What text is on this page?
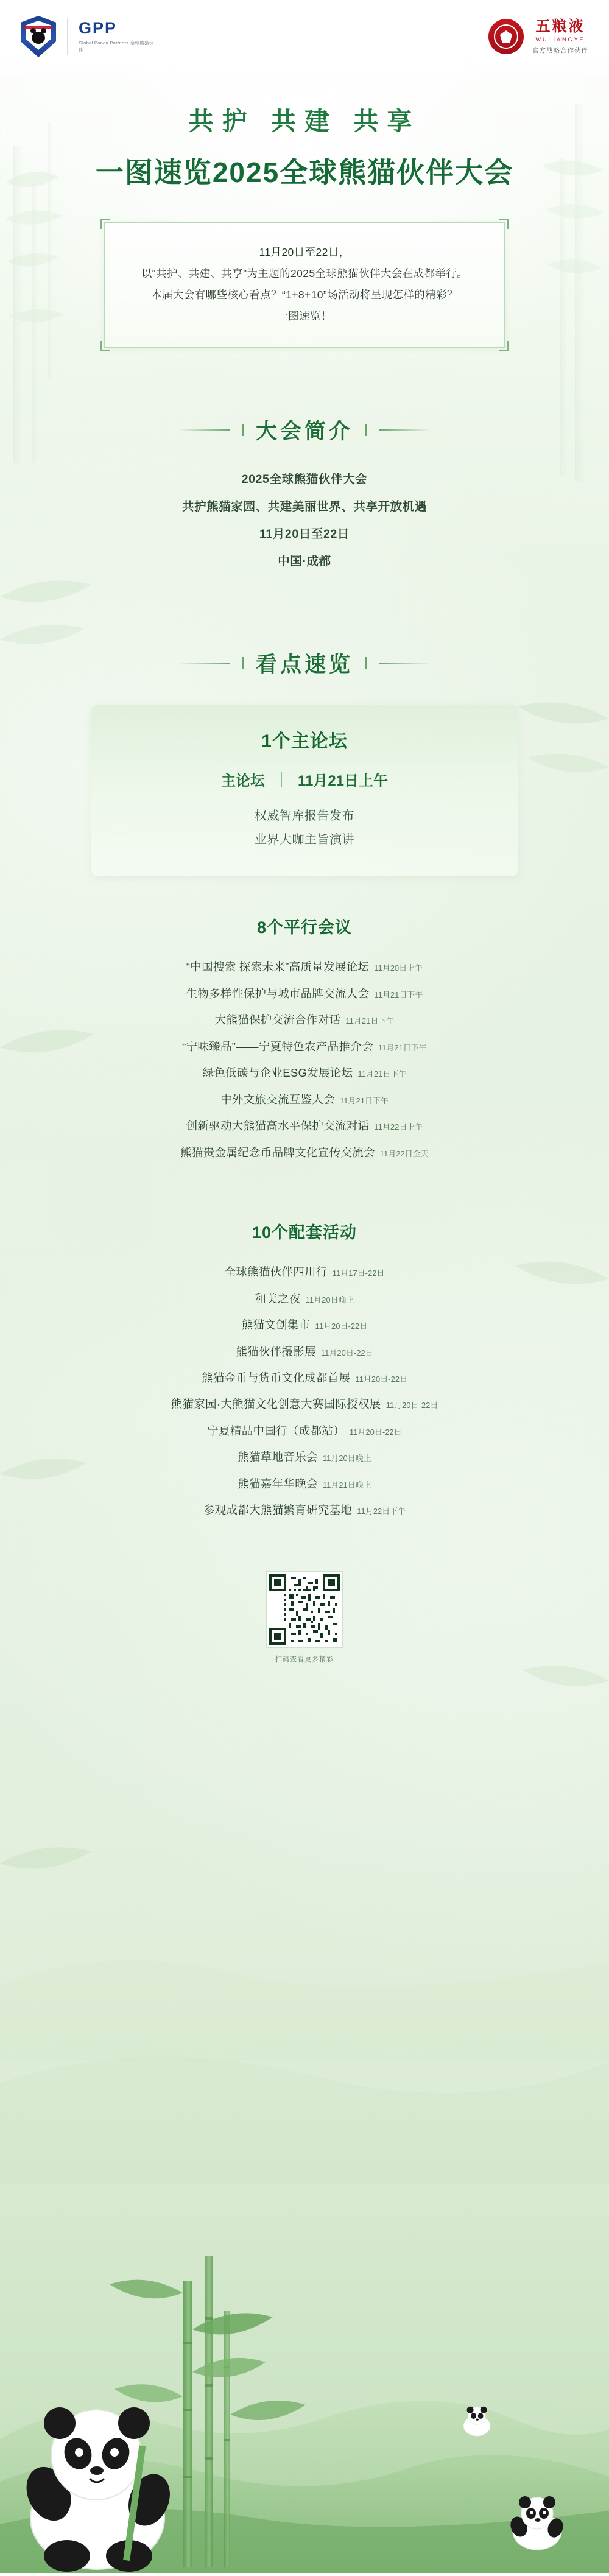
GPP
Global Panda Partners 全球熊猫伙伴
五粮液
WULIANGYE
官方战略合作伙伴
共护 共建 共享
一图速览2025全球熊猫伙伴大会

11月20日至22日，

以“共护、共建、共享”为主题的2025全球熊猫伙伴大会在成都举行。

本届大会有哪些核心看点？“1+8+10”场活动将呈现怎样的精彩？

一图速览！

大会简介
2025全球熊猫伙伴大会
共护熊猫家园、共建美丽世界、共享开放机遇
11月20日至22日
中国·成都
看点速览
1个主论坛
主论坛 11月21日上午
权威智库报告发布
业界大咖主旨演讲
8个平行会议
“中国搜索 探索未来”高质量发展论坛 11月20日上午
生物多样性保护与城市品牌交流大会 11月21日下午
大熊猫保护交流合作对话 11月21日下午
“宁味臻品”——宁夏特色农产品推介会 11月21日下午
绿色低碳与企业ESG发展论坛 11月21日下午
中外文旅交流互鉴大会 11月21日下午
创新驱动大熊猫高水平保护交流对话 11月22日上午
熊猫贵金属纪念币品牌文化宣传交流会 11月22日全天
10个配套活动
全球熊猫伙伴四川行 11月17日-22日
和美之夜 11月20日晚上
熊猫文创集市 11月20日-22日
熊猫伙伴摄影展 11月20日-22日
熊猫金币与货币文化成都首展 11月20日-22日
熊猫家园·大熊猫文化创意大赛国际授权展 11月20日-22日
宁夏精品中国行（成都站） 11月20日-22日
熊猫草地音乐会 11月20日晚上
熊猫嘉年华晚会 11月21日晚上
参观成都大熊猫繁育研究基地 11月22日下午
扫码查看更多精彩
